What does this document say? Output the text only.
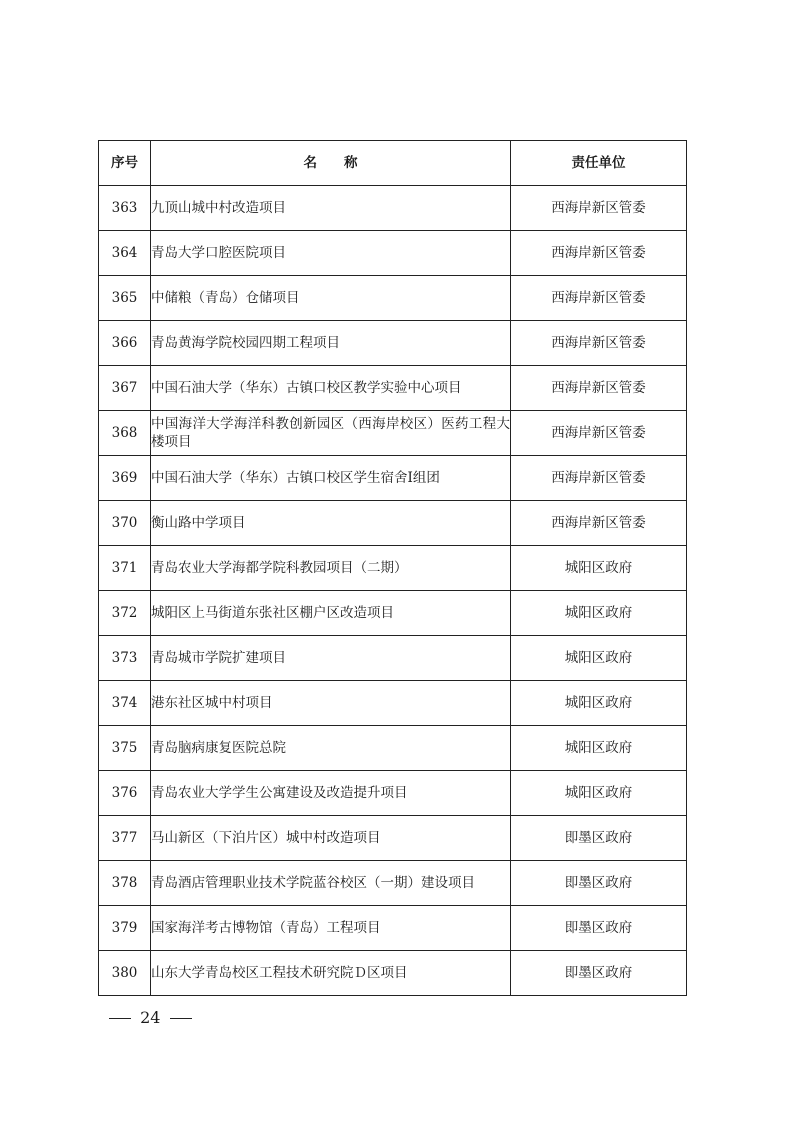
序号	名　　称	责任单位
363	九顶山城中村改造项目	西海岸新区管委
364	青岛大学口腔医院项目	西海岸新区管委
365	中储粮（青岛）仓储项目	西海岸新区管委
366	青岛黄海学院校园四期工程项目	西海岸新区管委
367	中国石油大学（华东）古镇口校区教学实验中心项目	西海岸新区管委
368	中国海洋大学海洋科教创新园区（西海岸校区）医药工程大楼项目	西海岸新区管委
369	中国石油大学（华东）古镇口校区学生宿舍Ⅰ组团	西海岸新区管委
370	衡山路中学项目	西海岸新区管委
371	青岛农业大学海都学院科教园项目（二期）	城阳区政府
372	城阳区上马街道东张社区棚户区改造项目	城阳区政府
373	青岛城市学院扩建项目	城阳区政府
374	港东社区城中村项目	城阳区政府
375	青岛脑病康复医院总院	城阳区政府
376	青岛农业大学学生公寓建设及改造提升项目	城阳区政府
377	马山新区（下泊片区）城中村改造项目	即墨区政府
378	青岛酒店管理职业技术学院蓝谷校区（一期）建设项目	即墨区政府
379	国家海洋考古博物馆（青岛）工程项目	即墨区政府
380	山东大学青岛校区工程技术研究院Ｄ区项目	即墨区政府
24
